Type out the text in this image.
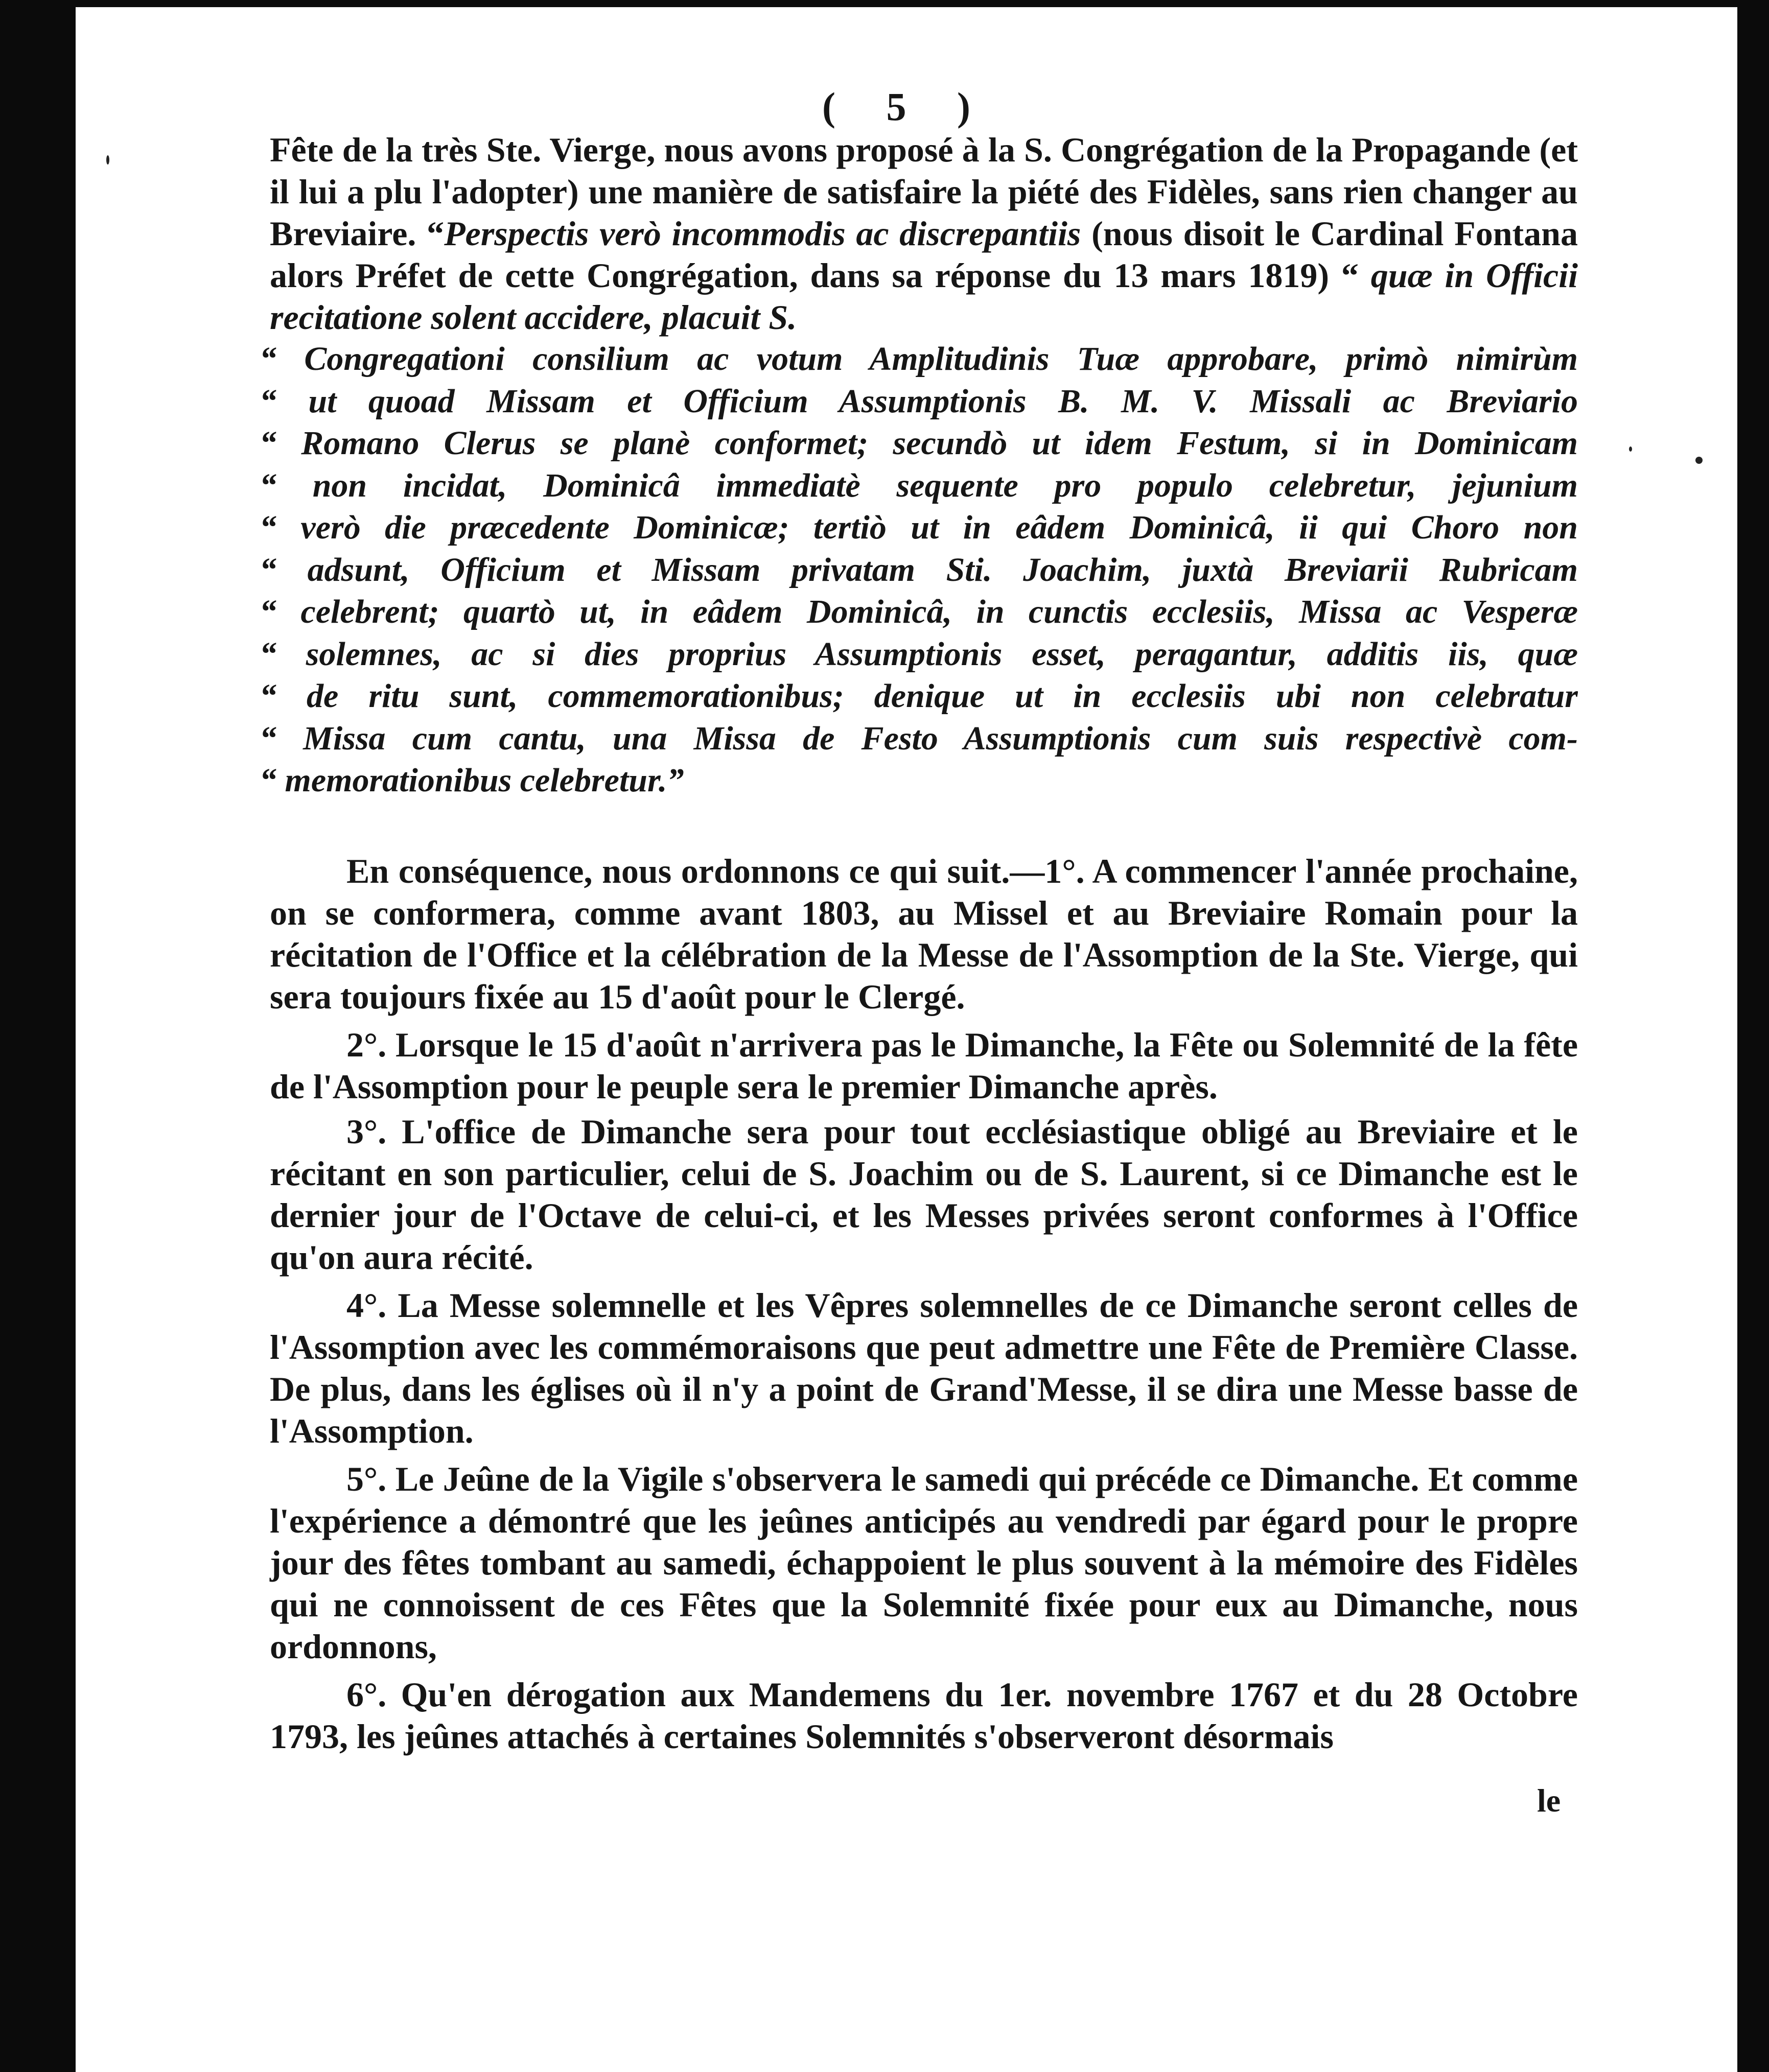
( 5 )
Fête de la très Ste. Vierge, nous avons proposé à la S. Congrégation de la Propagande (et il lui a plu l'adopter) une manière de satisfaire la piété des Fidèles, sans rien changer au Breviaire. “Perspectis verò incommodis ac discrepantiis (nous disoit le Cardinal Fontana alors Préfet de cette Congrégation, dans sa réponse du 13 mars 1819) “ quæ in Officii recitatione solent accidere, placuit S.
“ Congregationi consilium ac votum Amplitudinis Tuæ approbare, primò nimirùm
“ ut quoad Missam et Officium Assumptionis B. M. V. Missali ac Breviario
“ Romano Clerus se planè conformet; secundò ut idem Festum, si in Dominicam
“ non incidat, Dominicâ immediatè sequente pro populo celebretur, jejunium
“ verò die præcedente Dominicæ; tertiò ut in eâdem Dominicâ, ii qui Choro non
“ adsunt, Officium et Missam privatam Sti. Joachim, juxtà Breviarii Rubricam
“ celebrent; quartò ut, in eâdem Dominicâ, in cunctis ecclesiis, Missa ac Vesperæ
“ solemnes, ac si dies proprius Assumptionis esset, peragantur, additis iis, quæ
“ de ritu sunt, commemorationibus; denique ut in ecclesiis ubi non celebratur
“ Missa cum cantu, una Missa de Festo Assumptionis cum suis respectivè com-
“ memorationibus celebretur.”
En conséquence, nous ordonnons ce qui suit.—1°. A commencer l'année prochaine, on se conformera, comme avant 1803, au Missel et au Breviaire Romain pour la récitation de l'Office et la célébration de la Messe de l'Assomption de la Ste. Vierge, qui sera toujours fixée au 15 d'août pour le Clergé.
2°. Lorsque le 15 d'août n'arrivera pas le Dimanche, la Fête ou Solemnité de la fête de l'Assomption pour le peuple sera le premier Dimanche après.
3°. L'office de Dimanche sera pour tout ecclésiastique obligé au Breviaire et le récitant en son particulier, celui de S. Joachim ou de S. Laurent, si ce Dimanche est le dernier jour de l'Octave de celui-ci, et les Messes privées seront conformes à l'Office qu'on aura récité.
4°. La Messe solemnelle et les Vêpres solemnelles de ce Dimanche seront celles de l'Assomption avec les commémoraisons que peut admettre une Fête de Première Classe. De plus, dans les églises où il n'y a point de Grand'Messe, il se dira une Messe basse de l'Assomption.
5°. Le Jeûne de la Vigile s'observera le samedi qui précéde ce Dimanche. Et comme l'expérience a démontré que les jeûnes anticipés au vendredi par égard pour le propre jour des fêtes tombant au samedi, échappoient le plus souvent à la mémoire des Fidèles qui ne connoissent de ces Fêtes que la Solemnité fixée pour eux au Dimanche, nous ordonnons,
6°. Qu'en dérogation aux Mandemens du 1er. novembre 1767 et du 28 Octobre 1793, les jeûnes attachés à certaines Solemnités s'observeront désormais
le
